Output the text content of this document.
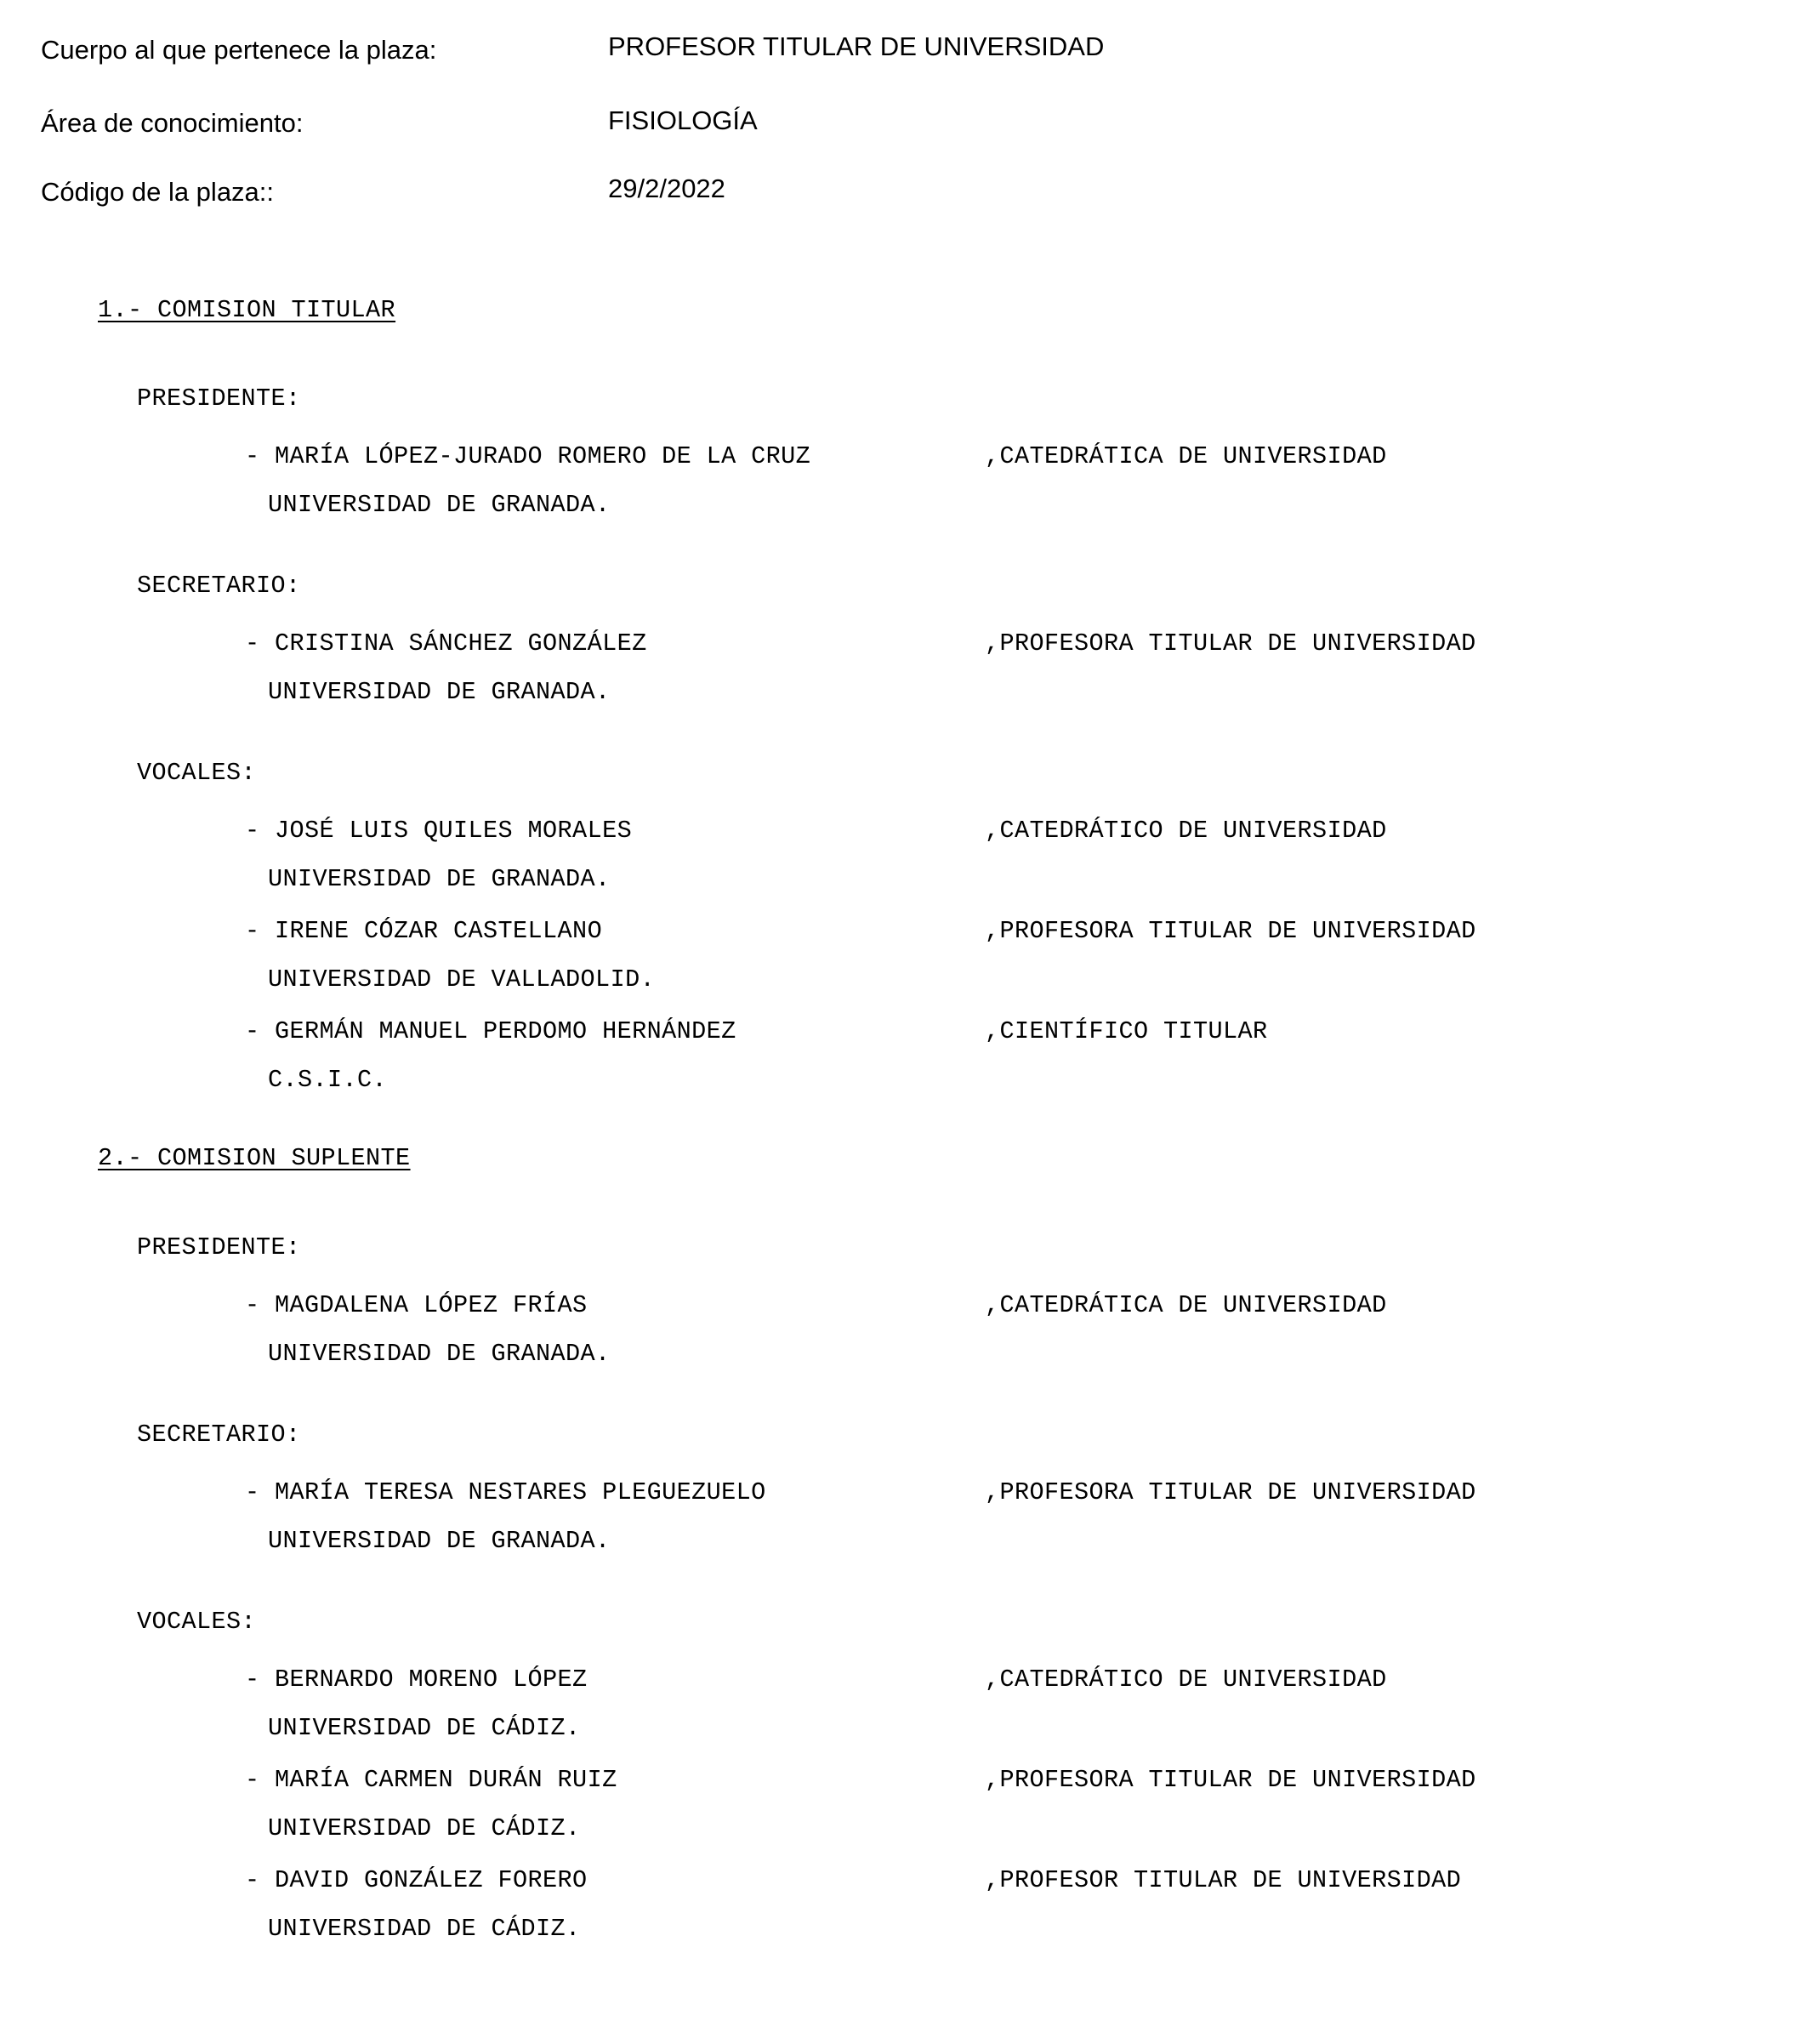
Cuerpo al que pertenece la plaza:	PROFESOR TITULAR DE UNIVERSIDAD
Área de conocimiento:	FISIOLOGÍA
Código de la plaza::	29/2/2022
1.- COMISION TITULAR
PRESIDENTE:
- MARÍA LÓPEZ-JURADO ROMERO DE LA CRUZ	,CATEDRÁTICA DE UNIVERSIDAD
UNIVERSIDAD DE GRANADA.
SECRETARIO:
- CRISTINA SÁNCHEZ GONZÁLEZ	,PROFESORA TITULAR DE UNIVERSIDAD
UNIVERSIDAD DE GRANADA.
VOCALES:
- JOSÉ LUIS QUILES MORALES	,CATEDRÁTICO DE UNIVERSIDAD
UNIVERSIDAD DE GRANADA.
- IRENE CÓZAR CASTELLANO	,PROFESORA TITULAR DE UNIVERSIDAD
UNIVERSIDAD DE VALLADOLID.
- GERMÁN MANUEL PERDOMO HERNÁNDEZ	,CIENTÍFICO TITULAR
C.S.I.C.
2.- COMISION SUPLENTE
PRESIDENTE:
- MAGDALENA LÓPEZ FRÍAS	,CATEDRÁTICA DE UNIVERSIDAD
UNIVERSIDAD DE GRANADA.
SECRETARIO:
- MARÍA TERESA NESTARES PLEGUEZUELO	,PROFESORA TITULAR DE UNIVERSIDAD
UNIVERSIDAD DE GRANADA.
VOCALES:
- BERNARDO MORENO LÓPEZ	,CATEDRÁTICO DE UNIVERSIDAD
UNIVERSIDAD DE CÁDIZ.
- MARÍA CARMEN DURÁN RUIZ	,PROFESORA TITULAR DE UNIVERSIDAD
UNIVERSIDAD DE CÁDIZ.
- DAVID GONZÁLEZ FORERO	,PROFESOR TITULAR DE UNIVERSIDAD
UNIVERSIDAD DE CÁDIZ.
